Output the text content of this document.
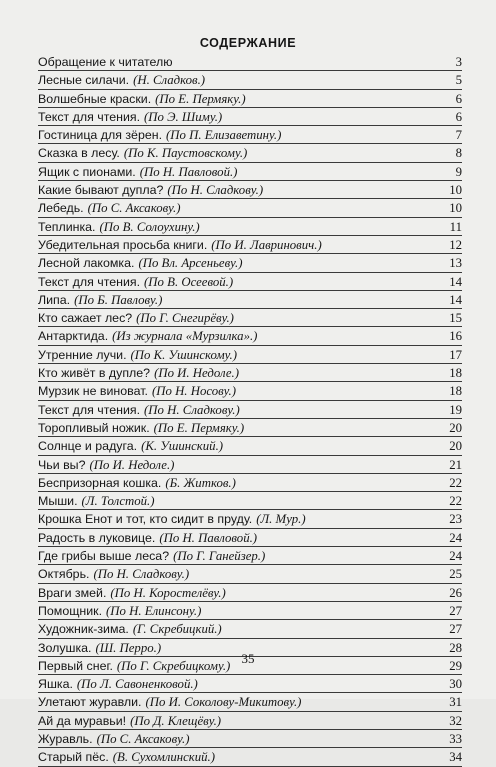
СОДЕРЖАНИЕ
Обращение к читателю	3
Лесные силачи. (Н. Сладков.)	5
Волшебные краски. (По Е. Пермяку.)	6
Текст для чтения. (По Э. Шиму.)	6
Гостиница для зёрен. (По П. Елизаветину.)	7
Сказка в лесу. (По К. Паустовскому.)	8
Ящик с пионами. (По Н. Павловой.)	9
Какие бывают дупла? (По Н. Сладкову.)	10
Лебедь. (По С. Аксакову.)	10
Теплинка. (По В. Солоухину.)	11
Убедительная просьба книги. (По И. Лавринович.)	12
Лесной лакомка. (По Вл. Арсеньеву.)	13
Текст для чтения. (По В. Осеевой.)	14
Липа. (По Б. Павлову.)	14
Кто сажает лес? (По Г. Снегирёву.)	15
Антарктида. (Из журнала «Мурзилка».)	16
Утренние лучи. (По К. Ушинскому.)	17
Кто живёт в дупле? (По И. Недоле.)	18
Мурзик не виноват. (По Н. Носову.)	18
Текст для чтения. (По Н. Сладкову.)	19
Торопливый ножик. (По Е. Пермяку.)	20
Солнце и радуга. (К. Ушинский.)	20
Чьи вы? (По И. Недоле.)	21
Беспризорная кошка. (Б. Житков.)	22
Мыши. (Л. Толстой.)	22
Крошка Енот и тот, кто сидит в пруду. (Л. Мур.)	23
Радость в луковице. (По Н. Павловой.)	24
Где грибы выше леса? (По Г. Ганейзер.)	24
Октябрь. (По Н. Сладкову.)	25
Враги змей. (По Н. Коростелёву.)	26
Помощник. (По Н. Елинсону.)	27
Художник-зима. (Г. Скребицкий.)	27
Золушка. (Ш. Перро.)	28
Первый снег. (По Г. Скребицкому.)	29
Яшка. (По Л. Савоненковой.)	30
Улетают журавли. (По И. Соколову-Микитову.)	31
Ай да муравьи! (По Д. Клещёву.)	32
Журавль. (По С. Аксакову.)	33
Старый пёс. (В. Сухомлинский.)	34
35
